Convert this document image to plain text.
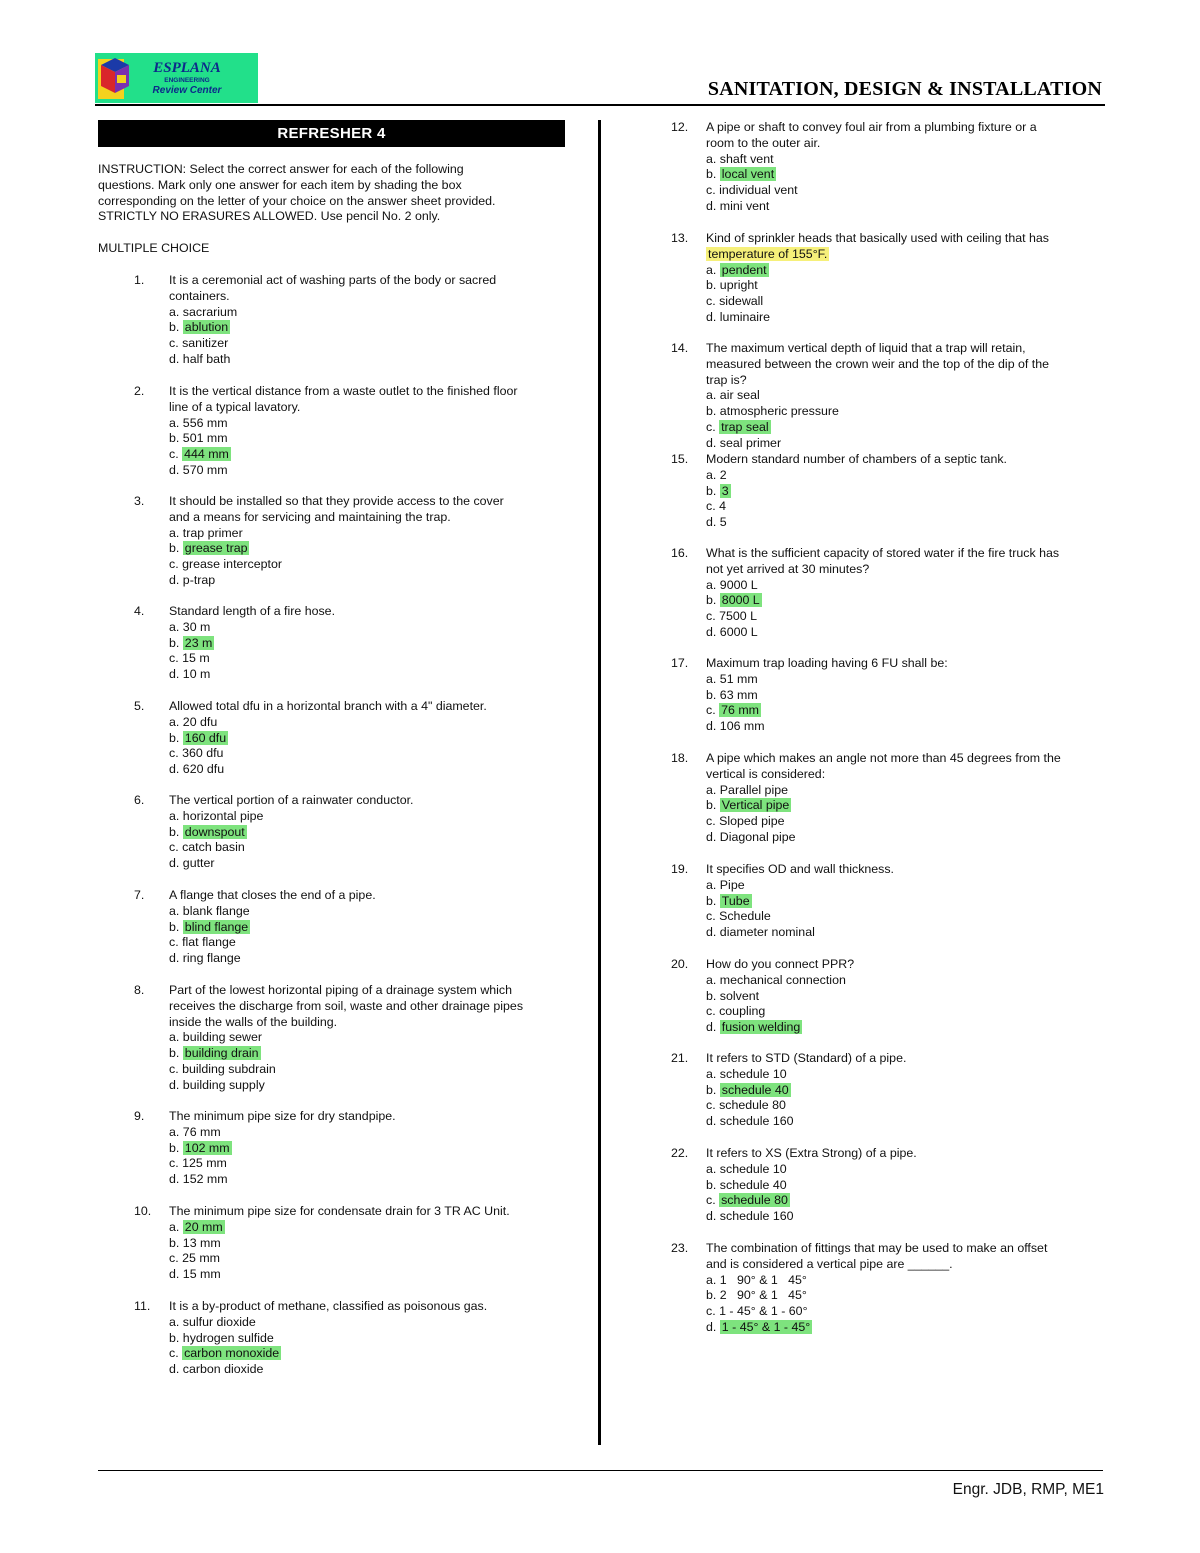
ESPLANA
ENGINEERING
Review Center	SANITATION, DESIGN & INSTALLATION
REFRESHER 4
INSTRUCTION: Select the correct answer for each of the following
questions. Mark only one answer for each item by shading the box
corresponding on the letter of your choice on the answer sheet provided.
STRICTLY NO ERASURES ALLOWED. Use pencil No. 2 only.
MULTIPLE CHOICE
1. It is a ceremonial act of washing parts of the body or sacred
containers.
a. sacrarium
b. ablution
c. sanitizer
d. half bath
2. It is the vertical distance from a waste outlet to the finished floor
line of a typical lavatory.
a. 556 mm
b. 501 mm
c. 444 mm
d. 570 mm
3. It should be installed so that they provide access to the cover
and a means for servicing and maintaining the trap.
a. trap primer
b. grease trap
c. grease interceptor
d. p-trap
4. Standard length of a fire hose.
a. 30 m
b. 23 m
c. 15 m
d. 10 m
5. Allowed total dfu in a horizontal branch with a 4" diameter.
a. 20 dfu
b. 160 dfu
c. 360 dfu
d. 620 dfu
6. The vertical portion of a rainwater conductor.
a. horizontal pipe
b. downspout
c. catch basin
d. gutter
7. A flange that closes the end of a pipe.
a. blank flange
b. blind flange
c. flat flange
d. ring flange
8. Part of the lowest horizontal piping of a drainage system which
receives the discharge from soil, waste and other drainage pipes
inside the walls of the building.
a. building sewer
b. building drain
c. building subdrain
d. building supply
9. The minimum pipe size for dry standpipe.
a. 76 mm
b. 102 mm
c. 125 mm
d. 152 mm
10. The minimum pipe size for condensate drain for 3 TR AC Unit.
a. 20 mm
b. 13 mm
c. 25 mm
d. 15 mm
11. It is a by-product of methane, classified as poisonous gas.
a. sulfur dioxide
b. hydrogen sulfide
c. carbon monoxide
d. carbon dioxide
12. A pipe or shaft to convey foul air from a plumbing fixture or a
room to the outer air.
a. shaft vent
b. local vent
c. individual vent
d. mini vent
13. Kind of sprinkler heads that basically used with ceiling that has
temperature of 155°F.
a. pendent
b. upright
c. sidewall
d. luminaire
14. The maximum vertical depth of liquid that a trap will retain,
measured between the crown weir and the top of the dip of the
trap is?
a. air seal
b. atmospheric pressure
c. trap seal
d. seal primer
15. Modern standard number of chambers of a septic tank.
a. 2
b. 3
c. 4
d. 5
16. What is the sufficient capacity of stored water if the fire truck has
not yet arrived at 30 minutes?
a. 9000 L
b. 8000 L
c. 7500 L
d. 6000 L
17. Maximum trap loading having 6 FU shall be:
a. 51 mm
b. 63 mm
c. 76 mm
d. 106 mm
18. A pipe which makes an angle not more than 45 degrees from the
vertical is considered:
a. Parallel pipe
b. Vertical pipe
c. Sloped pipe
d. Diagonal pipe
19. It specifies OD and wall thickness.
a. Pipe
b. Tube
c. Schedule
d. diameter nominal
20. How do you connect PPR?
a. mechanical connection
b. solvent
c. coupling
d. fusion welding
21. It refers to STD (Standard) of a pipe.
a. schedule 10
b. schedule 40
c. schedule 80
d. schedule 160
22. It refers to XS (Extra Strong) of a pipe.
a. schedule 10
b. schedule 40
c. schedule 80
d. schedule 160
23. The combination of fittings that may be used to make an offset
and is considered a vertical pipe are ______.
a. 1   90° & 1   45°
b. 2   90° & 1   45°
c. 1 - 45° & 1 - 60°
d. 1 - 45° & 1 - 45°
Engr. JDB, RMP, ME1
